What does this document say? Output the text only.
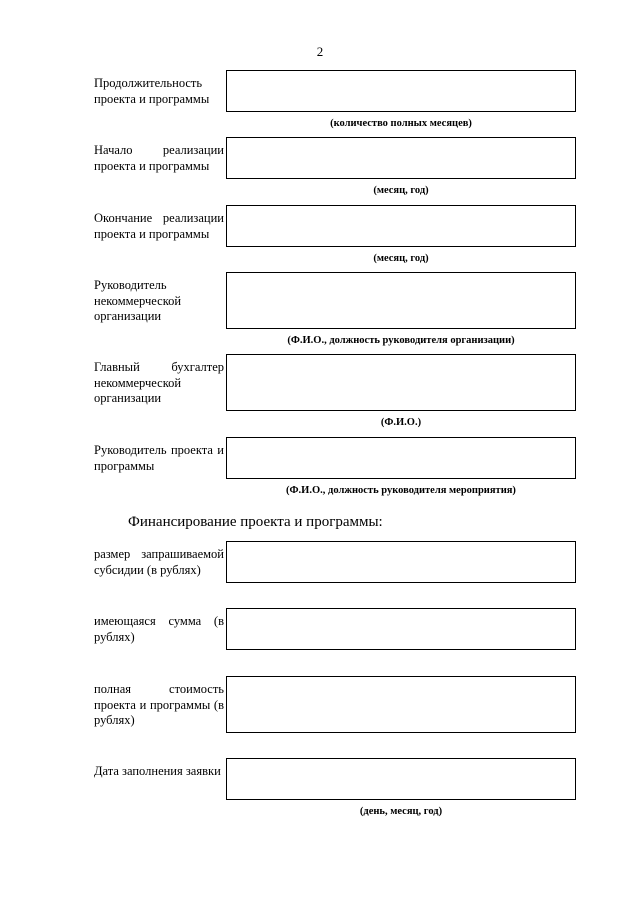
2
Продолжительность проекта и программы
(количество полных месяцев)
Начало реализации проекта и программы
(месяц, год)
Окончание реализации проекта и программы
(месяц, год)
Руководитель некоммерческой организации
(Ф.И.О., должность руководителя организации)
Главный бухгалтер некоммерческой организации
(Ф.И.О.)
Руководитель проекта и программы
(Ф.И.О., должность руководителя мероприятия)
Финансирование проекта и программы:
размер запрашиваемой субсидии (в рублях)
имеющаяся сумма (в рублях)
полная стоимость проекта и программы (в рублях)
Дата заполнения заявки
(день, месяц, год)
